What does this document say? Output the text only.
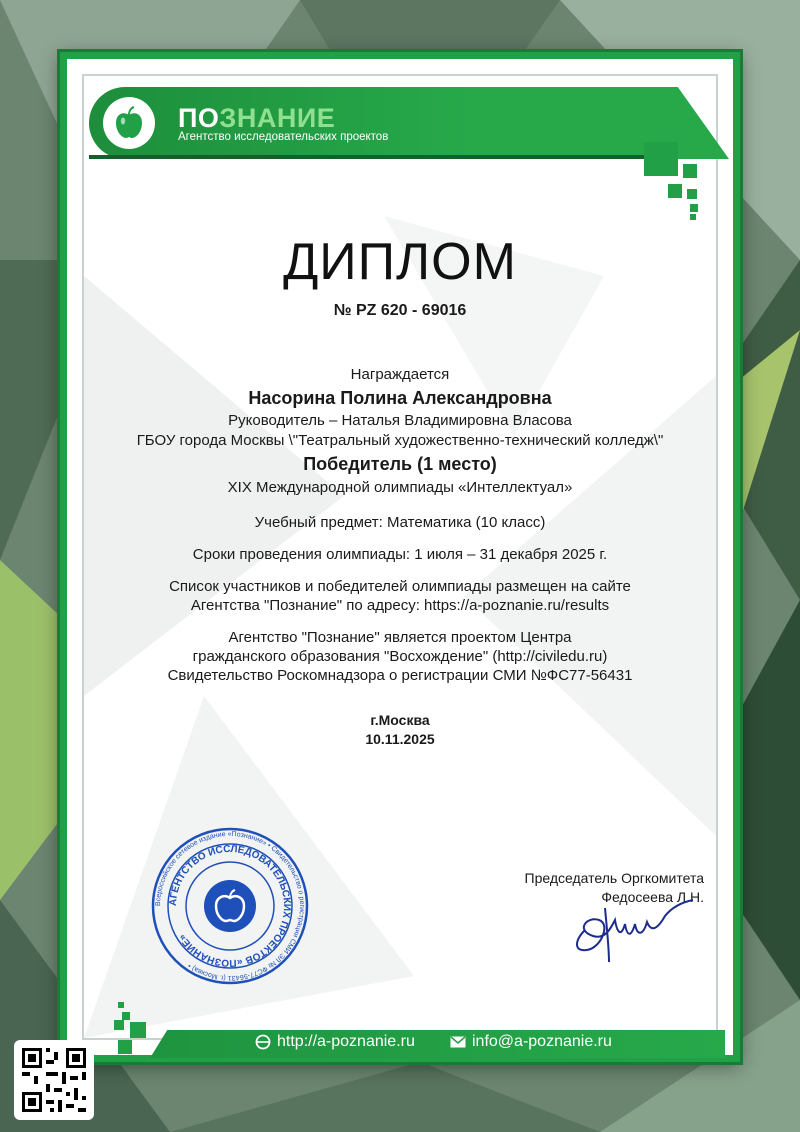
ПОЗНАНИЕ
Агентство исследовательских проектов
ДИПЛОМ
№ PZ 620 - 69016
Награждается
Насорина Полина Александровна
Руководитель – Наталья Владимировна Власова
ГБОУ города Москвы \"Театральный художественно-технический колледж\"
Победитель (1 место)
XIX Международной олимпиады «Интеллектуал»
Учебный предмет: Математика (10 класс)
Сроки проведения олимпиады: 1 июля – 31 декабря 2025 г.
Список участников и победителей олимпиады размещен на сайте
Агентства "Познание" по адресу: https://a-poznanie.ru/results
Агентство "Познание" является проектом Центра
гражданского образования "Восхождение" (http://civiledu.ru)
Свидетельство Роскомнадзора о регистрации СМИ №ФС77-56431
г.Москва
10.11.2025
Всероссийское сетевое издание «Познание» • Свидетельство о регистрации СМИ ЭЛ № ФС77-56431 (г. Москва) •
АГЕНТСТВО ИССЛЕДОВАТЕЛЬСКИХ ПРОЕКТОВ «ПОЗНАНИЕ»
Председатель Оргкомитета
Федосеева Л.Н.
http://a-poznanie.ru	info@a-poznanie.ru
